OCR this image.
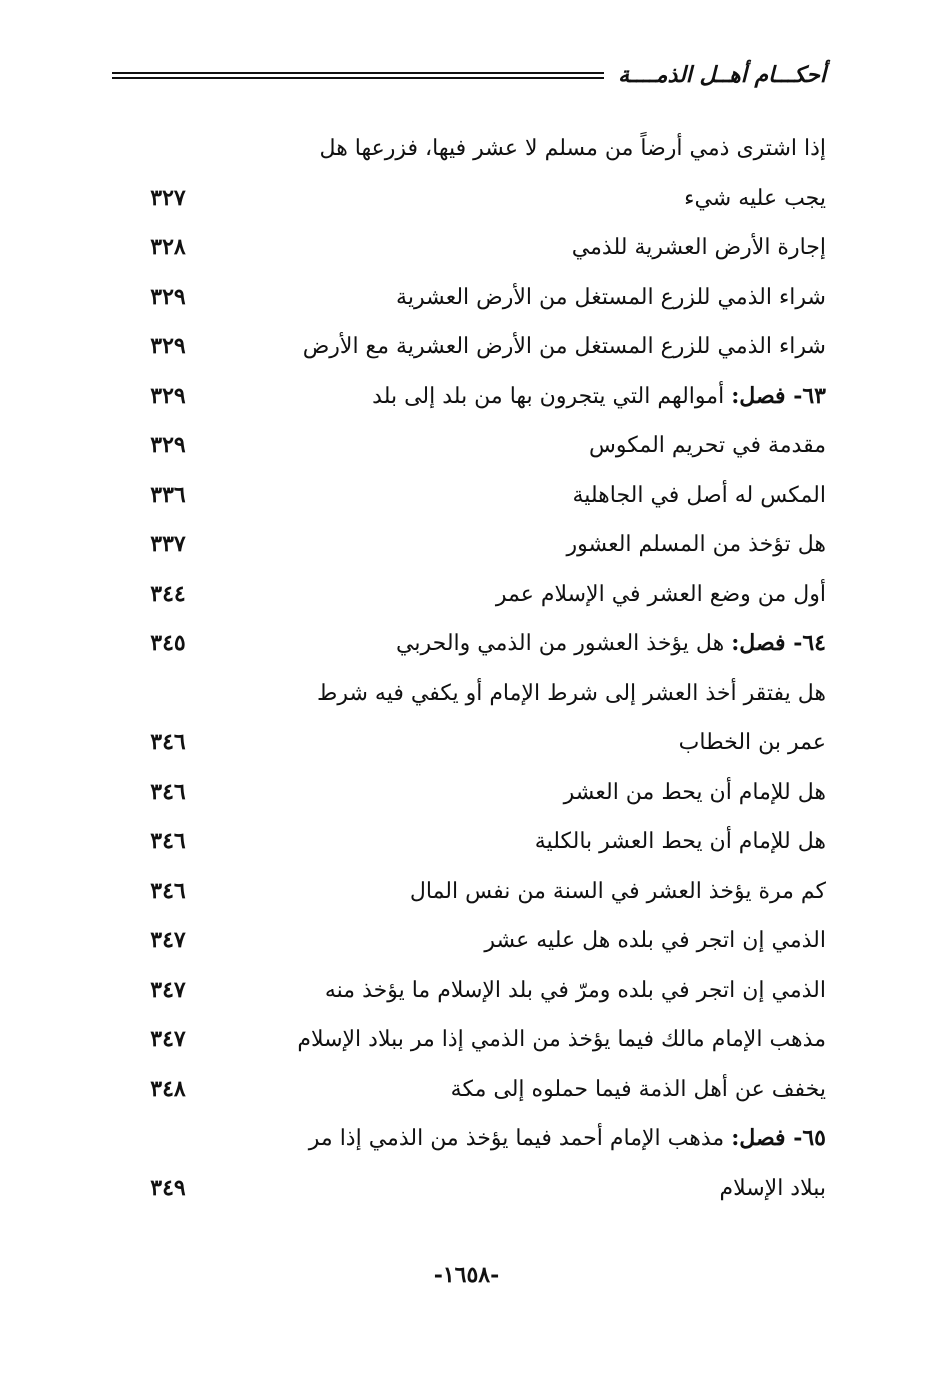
أحكـــام أهــل الذمــــة
إذا اشترى ذمي أرضاً من مسلم لا عشر فيها، فزرعها هل
يجب عليه شيء
٣٢٧
إجارة الأرض العشرية للذمي
٣٢٨
شراء الذمي للزرع المستغل من الأرض العشرية
٣٢٩
شراء الذمي للزرع المستغل من الأرض العشرية مع الأرض
٣٢٩
٦٣- فصل: أموالهم التي يتجرون بها من بلد إلى بلد
٣٢٩
مقدمة في تحريم المكوس
٣٢٩
المكس له أصل في الجاهلية
٣٣٦
هل تؤخذ من المسلم العشور
٣٣٧
أول من وضع العشر في الإسلام عمر
٣٤٤
٦٤- فصل: هل يؤخذ العشور من الذمي والحربي
٣٤٥
هل يفتقر أخذ العشر إلى شرط الإمام أو يكفي فيه شرط
عمر بن الخطاب
٣٤٦
هل للإمام أن يحط من العشر
٣٤٦
هل للإمام أن يحط العشر بالكلية
٣٤٦
كم مرة يؤخذ العشر في السنة من نفس المال
٣٤٦
الذمي إن اتجر في بلده هل عليه عشر
٣٤٧
الذمي إن اتجر في بلده ومرّ في بلد الإسلام ما يؤخذ منه
٣٤٧
مذهب الإمام مالك فيما يؤخذ من الذمي إذا مر ببلاد الإسلام
٣٤٧
يخفف عن أهل الذمة فيما حملوه إلى مكة
٣٤٨
٦٥- فصل: مذهب الإمام أحمد فيما يؤخذ من الذمي إذا مر
ببلاد الإسلام
٣٤٩
-١٦٥٨-
